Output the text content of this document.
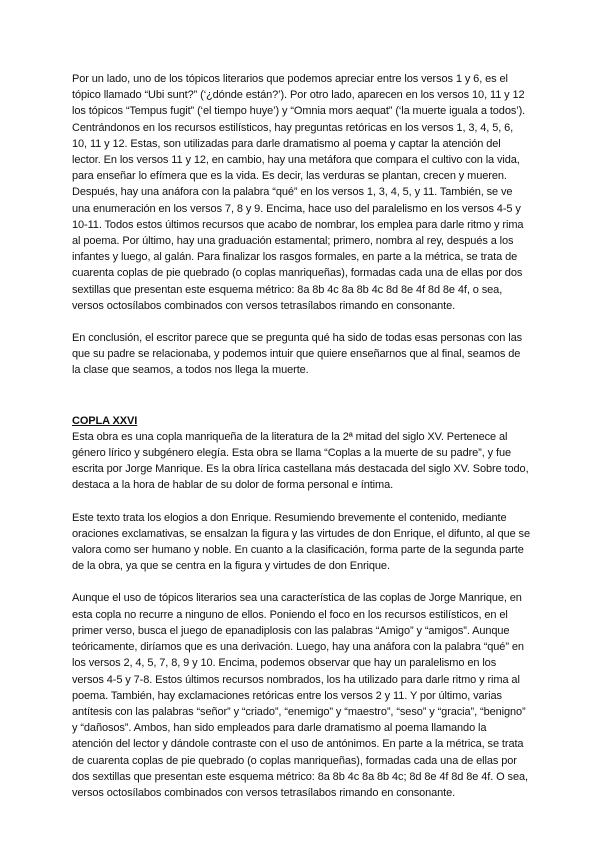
Por un lado, uno de los tópicos literarios que podemos apreciar entre los versos 1 y 6, es el tópico llamado “Ubi sunt?” (‘¿dónde están?’). Por otro lado, aparecen en los versos 10, 11 y 12 los tópicos “Tempus fugit” (‘el tiempo huye’) y “Omnia mors aequat” (‘la muerte iguala a todos’). Centrándonos en los recursos estilísticos, hay preguntas retóricas en los versos 1, 3, 4, 5, 6, 10, 11 y 12. Estas, son utilizadas para darle dramatismo al poema y captar la atención del lector. En los versos 11 y 12, en cambio, hay una metáfora que compara el cultivo con la vida, para enseñar lo efímera que es la vida. Es decir, las verduras se plantan, crecen y mueren. Después, hay una anáfora con la palabra “qué” en los versos 1, 3, 4, 5, y 11. También, se ve una enumeración en los versos 7, 8 y 9. Encima, hace uso del paralelismo en los versos 4-5 y 10-11. Todos estos últimos recursos que acabo de nombrar, los emplea para darle ritmo y rima al poema. Por último, hay una graduación estamental; primero, nombra al rey, después a los infantes y luego, al galán. Para finalizar los rasgos formales, en parte a la métrica, se trata de cuarenta coplas de pie quebrado (o coplas manriqueñas), formadas cada una de ellas por dos sextillas que presentan este esquema métrico: 8a 8b 4c 8a 8b 4c 8d 8e 4f 8d 8e 4f, o sea, versos octosílabos combinados con versos tetrasílabos rimando en consonante.

En conclusión, el escritor parece que se pregunta qué ha sido de todas esas personas con las que su padre se relacionaba, y podemos intuir que quiere enseñarnos que al final, seamos de la clase que seamos, a todos nos llega la muerte.

COPLA XXVI

Esta obra es una copla manriqueña de la literatura de la 2ª mitad del siglo XV. Pertenece al género lírico y subgénero elegía. Esta obra se llama “Coplas a la muerte de su padre”, y fue escrita por Jorge Manrique. Es la obra lírica castellana más destacada del siglo XV. Sobre todo, destaca a la hora de hablar de su dolor de forma personal e íntima.

Este texto trata los elogios a don Enrique. Resumiendo brevemente el contenido, mediante oraciones exclamativas, se ensalzan la figura y las virtudes de don Enrique, el difunto, al que se valora como ser humano y noble. En cuanto a la clasificación, forma parte de la segunda parte de la obra, ya que se centra en la figura y virtudes de don Enrique.

Aunque el uso de tópicos literarios sea una característica de las coplas de Jorge Manrique, en esta copla no recurre a ninguno de ellos. Poniendo el foco en los recursos estilísticos, en el primer verso, busca el juego de epanadiplosis con las palabras “Amigo” y “amigos”. Aunque teóricamente, diríamos que es una derivación. Luego, hay una anáfora con la palabra “qué” en los versos 2, 4, 5, 7, 8, 9 y 10. Encima, podemos observar que hay un paralelismo en los versos 4-5 y 7-8. Estos últimos recursos nombrados, los ha utilizado para darle ritmo y rima al poema. También, hay exclamaciones retóricas entre los versos 2 y 11. Y por último, varias antítesis con las palabras “señor” y “criado”, “enemigo” y “maestro”, “seso” y “gracia”, “benigno” y “dañosos”. Ambos, han sido empleados para darle dramatismo al poema llamando la atención del lector y dándole contraste con el uso de antónimos. En parte a la métrica, se trata de cuarenta coplas de pie quebrado (o coplas manriqueñas), formadas cada una de ellas por dos sextillas que presentan este esquema métrico: 8a 8b 4c 8a 8b 4c; 8d 8e 4f 8d 8e 4f. O sea, versos octosílabos combinados con versos tetrasílabos rimando en consonante.
